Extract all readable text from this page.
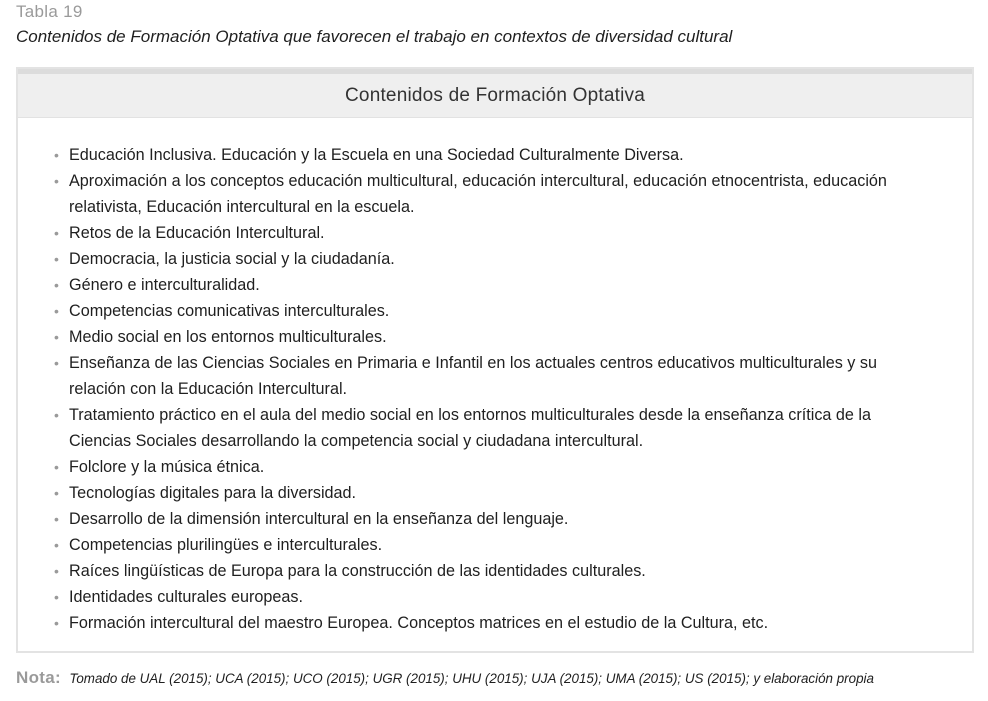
Tabla 19
Contenidos de Formación Optativa que favorecen el trabajo en contextos de diversidad cultural
Contenidos de Formación Optativa
• Educación Inclusiva. Educación y la Escuela en una Sociedad Culturalmente Diversa.
• Aproximación a los conceptos educación multicultural, educación intercultural, educación etnocentrista, educación relativista, Educación intercultural en la escuela.
• Retos de la Educación Intercultural.
• Democracia, la justicia social y la ciudadanía.
• Género e interculturalidad.
• Competencias comunicativas interculturales.
• Medio social en los entornos multiculturales.
• Enseñanza de las Ciencias Sociales en Primaria e Infantil en los actuales centros educativos multiculturales y su relación con la Educación Intercultural.
• Tratamiento práctico en el aula del medio social en los entornos multiculturales desde la enseñanza crítica de la Ciencias Sociales desarrollando la competencia social y ciudadana intercultural.
• Folclore y la música étnica.
• Tecnologías digitales para la diversidad.
• Desarrollo de la dimensión intercultural en la enseñanza del lenguaje.
• Competencias plurilingües e interculturales.
• Raíces lingüísticas de Europa para la construcción de las identidades culturales.
• Identidades culturales europeas.
• Formación intercultural del maestro Europea. Conceptos matrices en el estudio de la Cultura, etc.
Nota: Tomado de UAL (2015); UCA (2015); UCO (2015); UGR (2015); UHU (2015); UJA (2015); UMA (2015); US (2015); y elaboración propia
